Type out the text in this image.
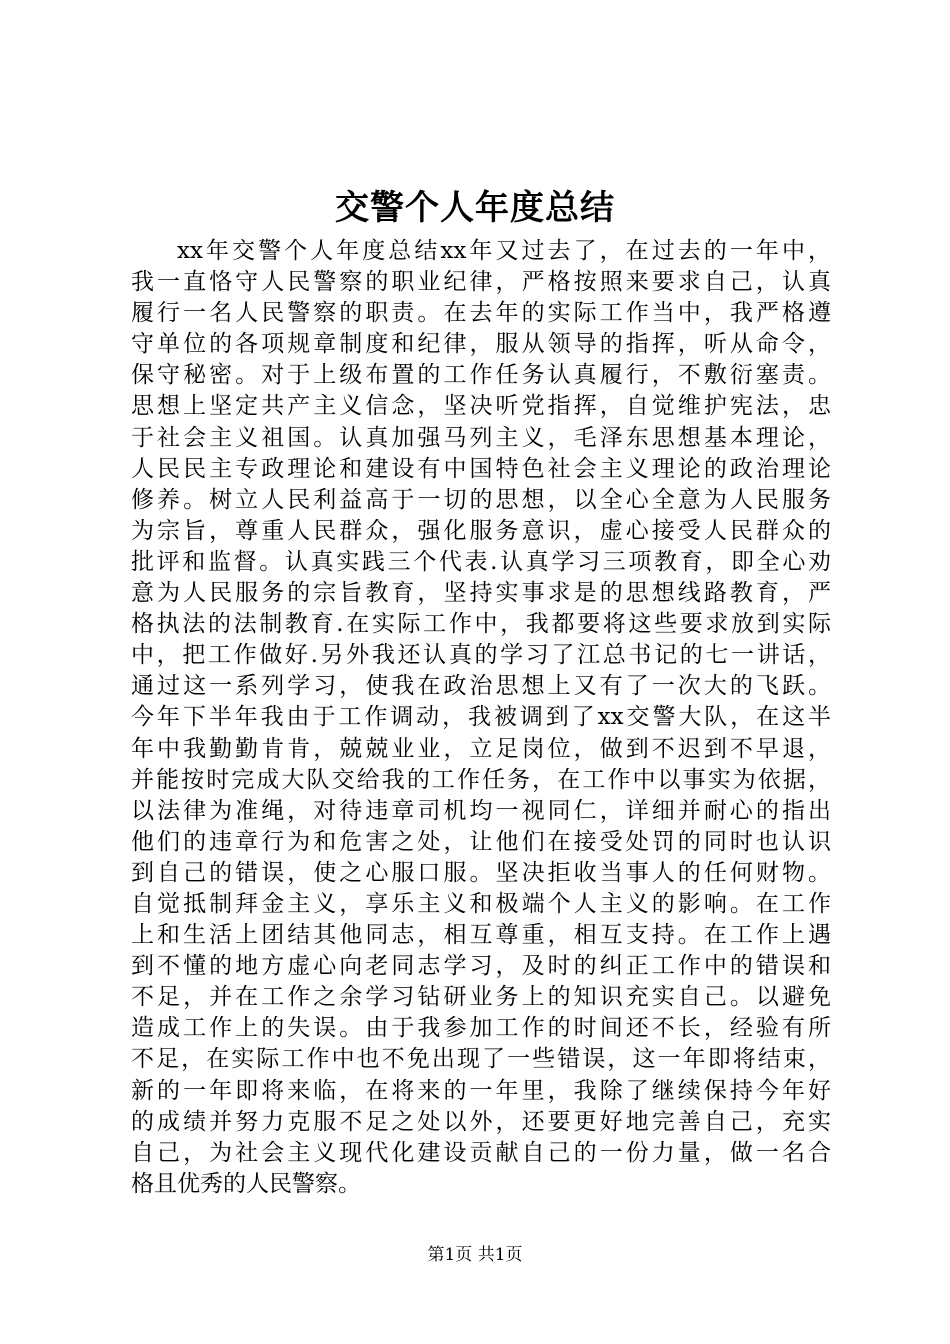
交警个人年度总结
xx年交警个人年度总结xx年又过去了，在过去的一年中，
我一直恪守人民警察的职业纪律，严格按照来要求自己，认真
履行一名人民警察的职责。在去年的实际工作当中，我严格遵
守单位的各项规章制度和纪律，服从领导的指挥，听从命令，
保守秘密。对于上级布置的工作任务认真履行，不敷衍塞责。
思想上坚定共产主义信念，坚决听党指挥，自觉维护宪法，忠
于社会主义祖国。认真加强马列主义，毛泽东思想基本理论，
人民民主专政理论和建设有中国特色社会主义理论的政治理论
修养。树立人民利益高于一切的思想，以全心全意为人民服务
为宗旨，尊重人民群众，强化服务意识，虚心接受人民群众的
批评和监督。认真实践三个代表.认真学习三项教育，即全心劝
意为人民服务的宗旨教育，坚持实事求是的思想线路教育，严
格执法的法制教育.在实际工作中，我都要将这些要求放到实际
中，把工作做好.另外我还认真的学习了江总书记的七一讲话，
通过这一系列学习，使我在政治思想上又有了一次大的飞跃。
今年下半年我由于工作调动，我被调到了xx交警大队，在这半
年中我勤勤肯肯，兢兢业业，立足岗位，做到不迟到不早退，
并能按时完成大队交给我的工作任务，在工作中以事实为依据，
以法律为准绳，对待违章司机均一视同仁，详细并耐心的指出
他们的违章行为和危害之处，让他们在接受处罚的同时也认识
到自己的错误，使之心服口服。坚决拒收当事人的任何财物。
自觉抵制拜金主义，享乐主义和极端个人主义的影响。在工作
上和生活上团结其他同志，相互尊重，相互支持。在工作上遇
到不懂的地方虚心向老同志学习，及时的纠正工作中的错误和
不足，并在工作之余学习钻研业务上的知识充实自己。以避免
造成工作上的失误。由于我参加工作的时间还不长，经验有所
不足，在实际工作中也不免出现了一些错误，这一年即将结束，
新的一年即将来临，在将来的一年里，我除了继续保持今年好
的成绩并努力克服不足之处以外，还要更好地完善自己，充实
自己，为社会主义现代化建设贡献自己的一份力量，做一名合
格且优秀的人民警察。
第1页 共1页
